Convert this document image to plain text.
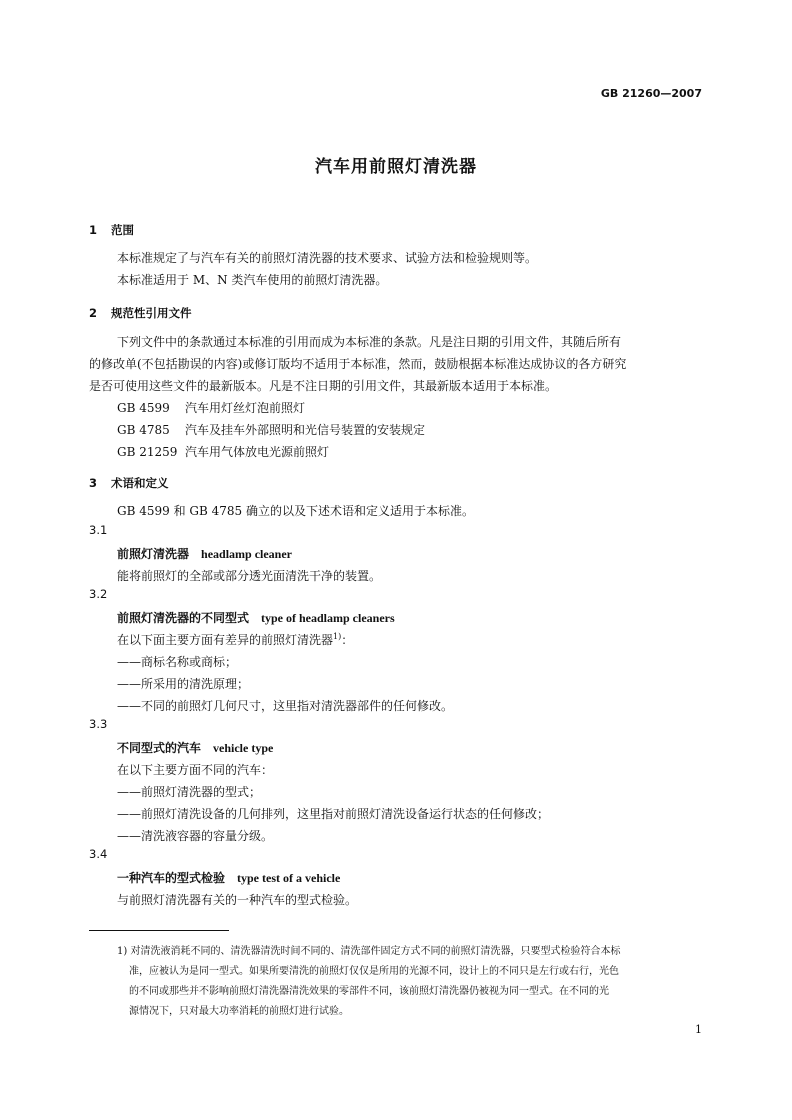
GB 21260—2007
汽车用前照灯清洗器
1 范围
本标准规定了与汽车有关的前照灯清洗器的技术要求、试验方法和检验规则等。
本标准适用于 M、N 类汽车使用的前照灯清洗器。
2 规范性引用文件
下列文件中的条款通过本标准的引用而成为本标准的条款。凡是注日期的引用文件，其随后所有
的修改单(不包括勘误的内容)或修订版均不适用于本标准，然而，鼓励根据本标准达成协议的各方研究
是否可使用这些文件的最新版本。凡是不注日期的引用文件，其最新版本适用于本标准。
GB 4599 汽车用灯丝灯泡前照灯
GB 4785 汽车及挂车外部照明和光信号装置的安装规定
GB 21259 汽车用气体放电光源前照灯
3 术语和定义
GB 4599 和 GB 4785 确立的以及下述术语和定义适用于本标准。
3.1
前照灯清洗器 headlamp cleaner
能将前照灯的全部或部分透光面清洗干净的装置。
3.2
前照灯清洗器的不同型式 type of headlamp cleaners
在以下面主要方面有差异的前照灯清洗器$^{1)}$：
——商标名称或商标；
——所采用的清洗原理；
——不同的前照灯几何尺寸，这里指对清洗器部件的任何修改。
3.3
不同型式的汽车 vehicle type
在以下主要方面不同的汽车：
——前照灯清洗器的型式；
——前照灯清洗设备的几何排列，这里指对前照灯清洗设备运行状态的任何修改；
——清洗液容器的容量分级。
3.4
一种汽车的型式检验 type test of a vehicle
与前照灯清洗器有关的一种汽车的型式检验。
1) 对清洗液消耗不同的、清洗器清洗时间不同的、清洗部件固定方式不同的前照灯清洗器，只要型式检验符合本标
准，应被认为是同一型式。如果所要清洗的前照灯仅仅是所用的光源不同，设计上的不同只是左行或右行，光色
的不同或那些并不影响前照灯清洗器清洗效果的零部件不同，该前照灯清洗器仍被视为同一型式。在不同的光
源情况下，只对最大功率消耗的前照灯进行试验。
1
